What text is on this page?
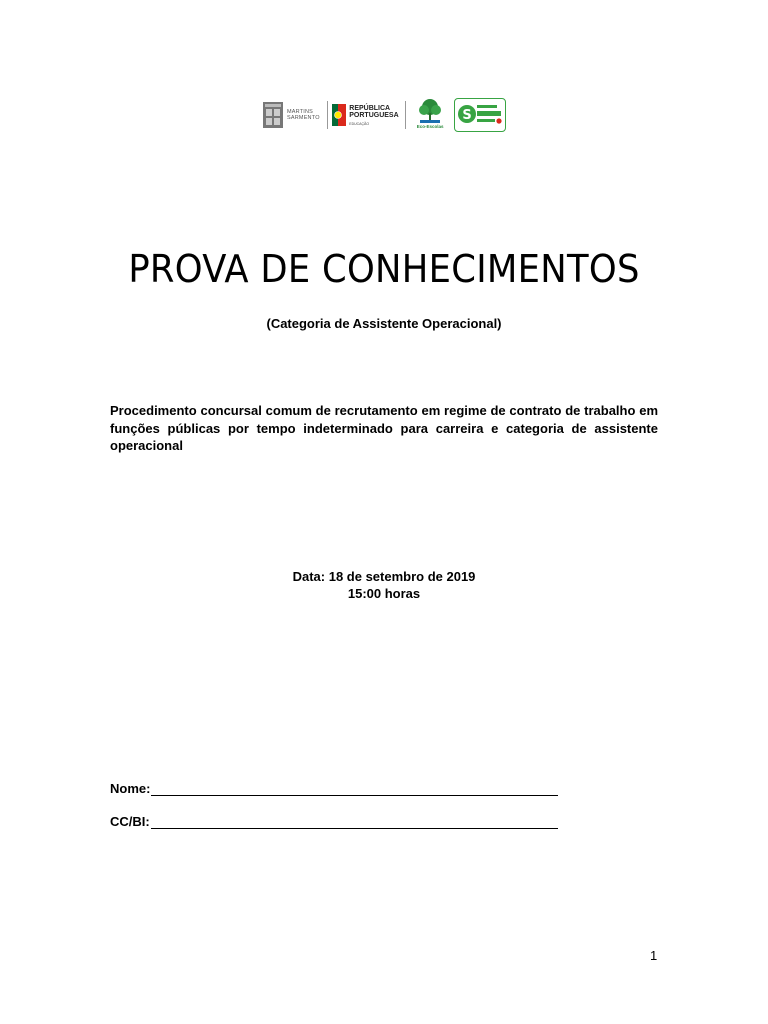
MARTINS
SARMENTO
REPÚBLICA
PORTUGUESA
EDUCAÇÃO
Eco-Escolas
S
PROVA DE CONHECIMENTOS
(Categoria de Assistente Operacional)
Procedimento concursal comum de recrutamento em regime de contrato de trabalho em funções públicas por tempo indeterminado para carreira e categoria de assistente operacional
Data: 18 de setembro de 2019
15:00 horas
Nome:
CC/BI:
1
